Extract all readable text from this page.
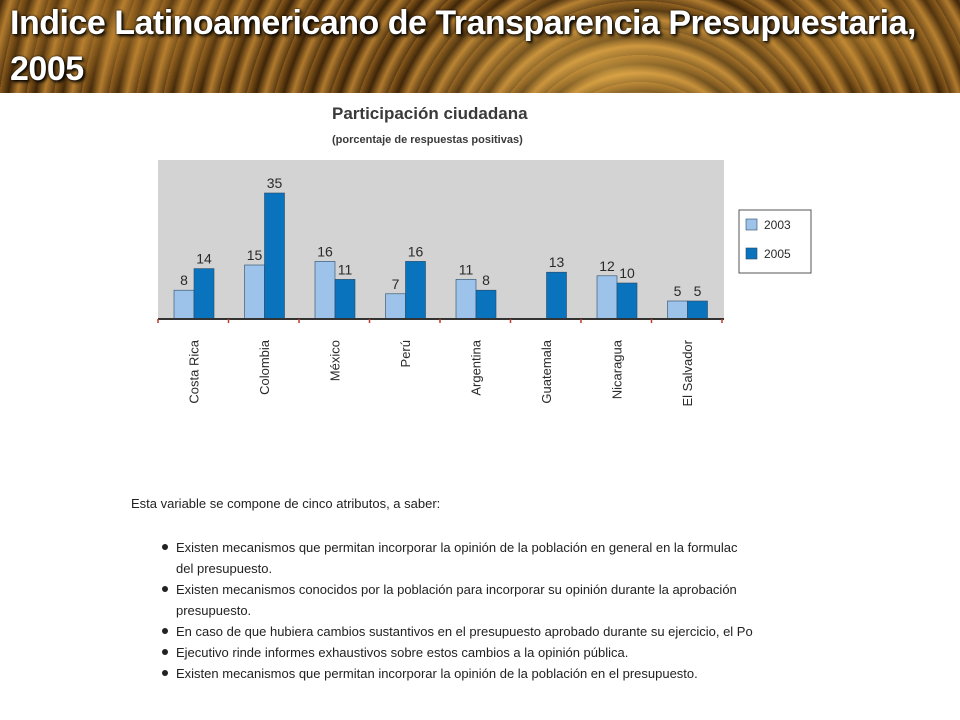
Indice Latinoamericano de Transparencia Presupuestaria, 2005
Participación ciudadana
(porcentaje de respuestas positivas)
8
14
Costa Rica
15
35
Colombia
16
11
México
7
16
Perú
11
8
Argentina
13
Guatemala
12 10
Nicaragua
5 5
El Salvador
2003
2005
Esta variable se compone de cinco atributos, a saber:
Existen mecanismos que permitan incorporar la opinión de la población en general en la formulac
del presupuesto.
Existen mecanismos conocidos por la población para incorporar su opinión durante la aprobación
presupuesto.
En caso de que hubiera cambios sustantivos en el presupuesto aprobado durante su ejercicio, el Po
Ejecutivo rinde informes exhaustivos sobre estos cambios a la opinión pública.
Existen mecanismos que permitan incorporar la opinión de la población en el presupuesto.
